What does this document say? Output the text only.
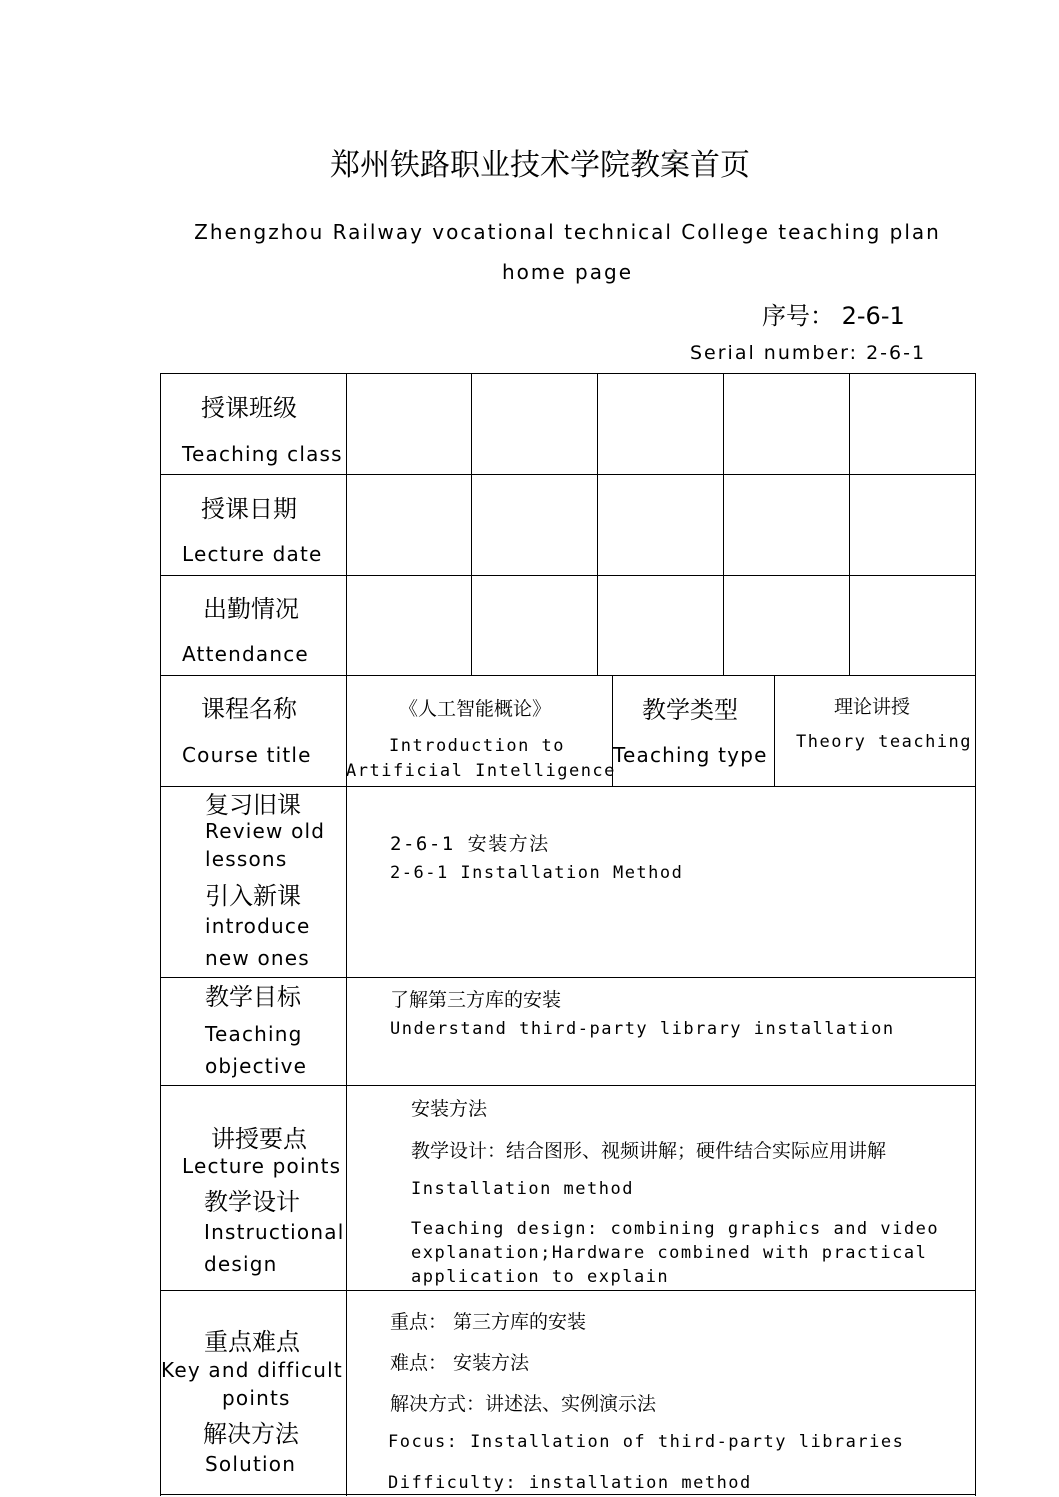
郑州铁路职业技术学院教案首页
Zhengzhou Railway vocational technical College teaching plan home page
序号： 2-6-1
Serial number: 2-6-1
授课班级
Teaching class
授课日期
Lecture date
出勤情况
Attendance
课程名称
Course title
《人工智能概论》
Introduction to
Artificial Intelligence
教学类型
Teaching type
理论讲授
Theory teaching
复习旧课
Review old
lessons
引入新课
introduce
new ones
2-6-1 安装方法
2-6-1 Installation Method
教学目标
Teaching
objective
了解第三方库的安装
Understand third-party library installation
讲授要点
Lecture points
教学设计
Instructional
design
安装方法
教学设计：结合图形、视频讲解；硬件结合实际应用讲解
Installation method
Teaching design: combining graphics and video
explanation;Hardware combined with practical
application to explain
重点难点
Key and difficult
points
解决方法
Solution
重点： 第三方库的安装
难点： 安装方法
解决方式：讲述法、实例演示法
Focus: Installation of third-party libraries
Difficulty: installation method
